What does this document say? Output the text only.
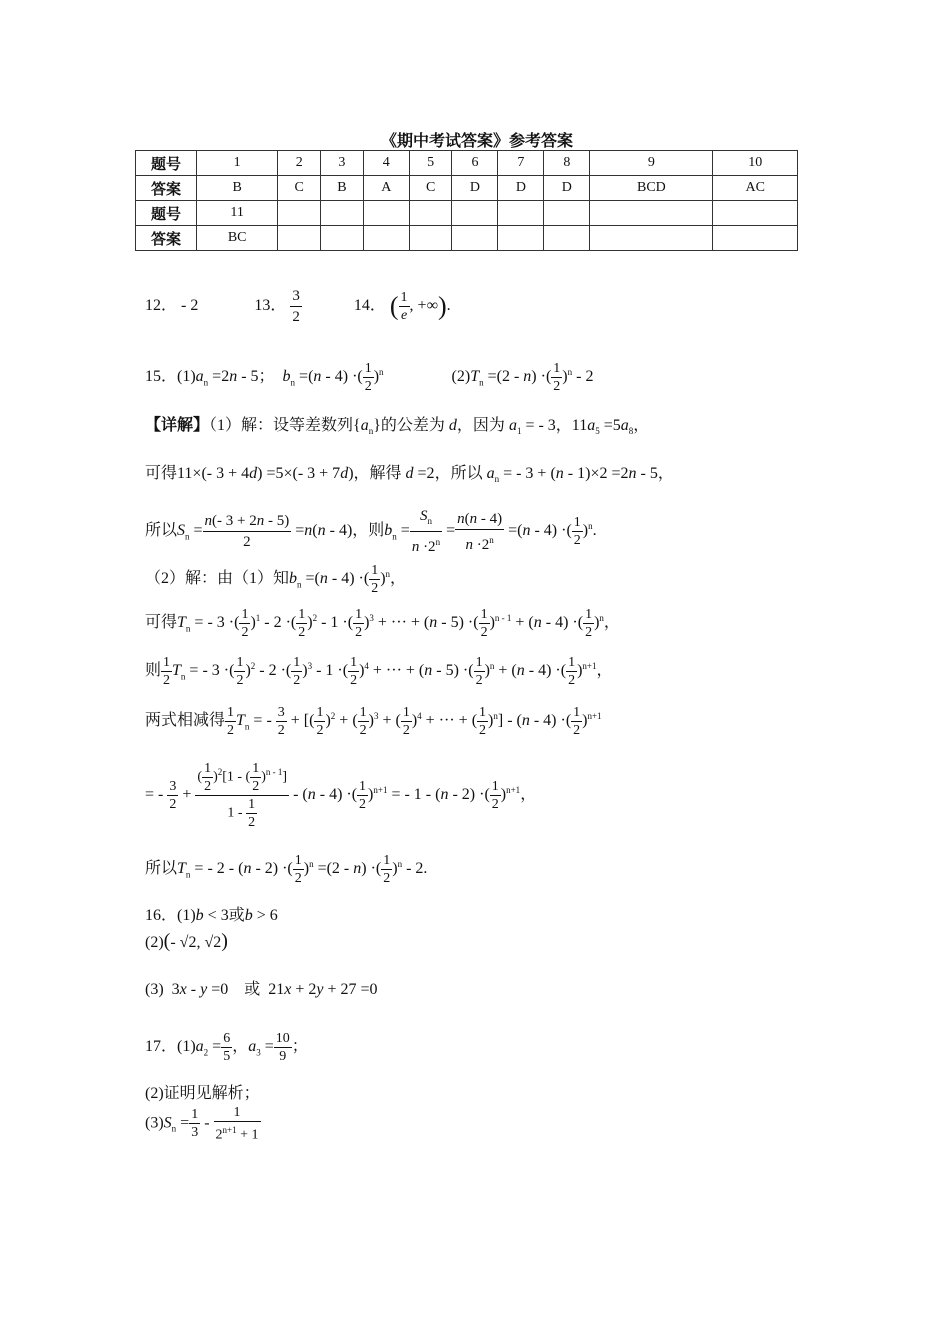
《期中考试答案》参考答案
题号	1	2	3	4	5	6	7	8	9	10
答案	B	C	B	A	C	D	D	D	BCD	AC
题号	11									
答案	BC									
12． - 2	13． $\frac{3}{2}$	14． ( $\frac{1}{e}$ , +∞).
15．$(1)a_n =2n - 5$；  $b_n =(n - 4)$ ·( $\frac{1}{2} )^n$	$(2)T_n =(2 - n)$ ·( $\frac{1}{2} )^n - 2$
【详解】（1）解：设等差数列$\{a_n\}$的公差为 d，因为 $a_1$ = - 3，$11a_5 =5a_8$，
可得11×(- 3 + 4d) =5×(- 3 + 7d)，解得 d =2，所以 $a_n$ = - 3 + (n - 1)×2 =2n - 5，
所以$S_n = \frac{n(- 3 + 2n - 5)}{2} =n(n - 4)$，则$b_n = \frac{S_n}{n \cdot 2^n} = \frac{n(n - 4)}{n \cdot 2^n} =(n - 4)$ ·( $\frac{1}{2} )^n$.
（2）解：由（1）知$b_n =(n - 4)$ ·( $\frac{1}{2} )^n$，
可得$T_n$ = - 3 ·( $\frac{1}{2} )^1 - 2$ ·( $\frac{1}{2} )^2 - 1$ ·( $\frac{1}{2} )^3$ + ··· + (n - 5) ·( $\frac{1}{2} )^{n - 1} + (n - 4)$ ·( $\frac{1}{2} )^n$，
则 $\frac{1}{2} T_n$ = - 3 ·( $\frac{1}{2} )^2 - 2$ ·( $\frac{1}{2} )^3 - 1$ ·( $\frac{1}{2} )^4$ + ··· + (n - 5) ·( $\frac{1}{2} )^n + (n - 4)$ ·( $\frac{1}{2} )^{n+1}$，
两式相减得 $\frac{1}{2} T_n$ = - $\frac{3}{2}$ + [( $\frac{1}{2} )^2$ + ( $\frac{1}{2} )^3$ + ( $\frac{1}{2} )^4$ + ··· + ( $\frac{1}{2} )^n] - (n - 4)$ ·( $\frac{1}{2} )^{n+1}$
= - $\frac{3}{2} + \frac{( \frac{1}{2} )^2[1 - ( \frac{1}{2} )^{n - 1}]}{1 - \frac{1}{2}} - (n - 4)$ ·( $\frac{1}{2} )^{n+1}$ = - 1 - (n - 2) ·( $\frac{1}{2} )^{n+1}$，
所以$T_n$ = - 2 - (n - 2) ·( $\frac{1}{2} )^n =(2 - n)$ ·( $\frac{1}{2} )^n - 2$.
16．(1)b < 3或b > 6
(2)(- √2, √2)
(3)  3x - y =0    或  21x + 2y + 27 =0
17．$(1)a_2 = \frac{6}{5}$ ，$a_3 = \frac{10}{9}$ ；
(2)证明见解析；
$(3)S_n = \frac{1}{3} - \frac{1}{2^{n+1} + 1}$
